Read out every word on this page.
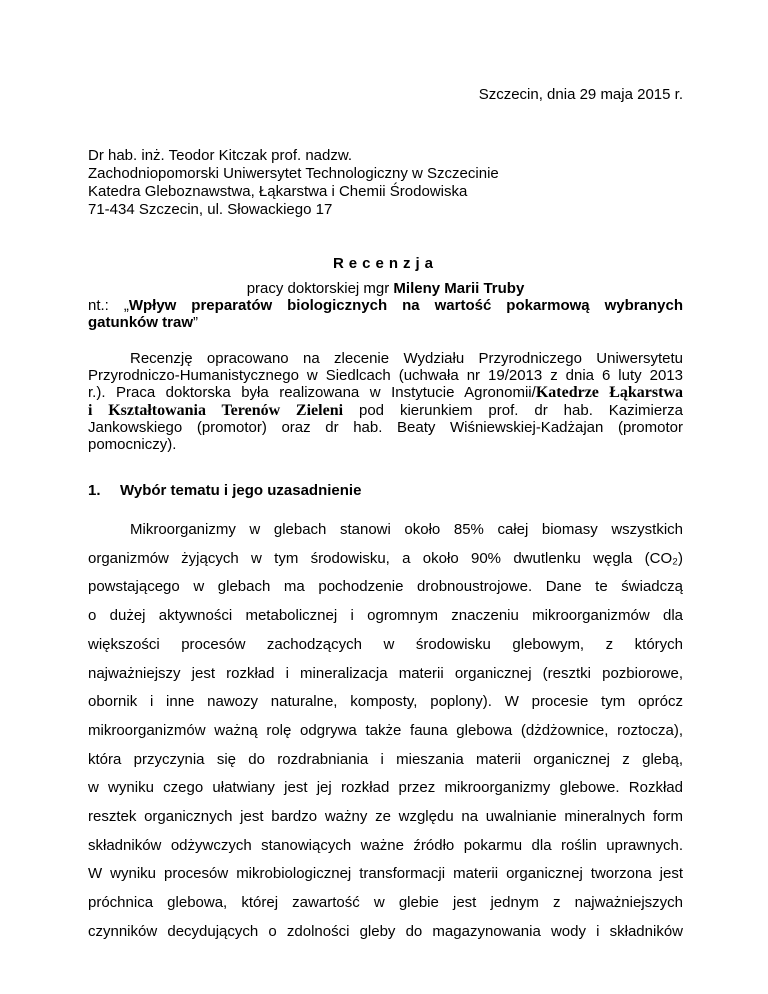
Szczecin, dnia 29 maja 2015 r.
Dr hab. inż. Teodor Kitczak prof. nadzw.
Zachodniopomorski Uniwersytet Technologiczny w Szczecinie
Katedra Gleboznawstwa, Łąkarstwa i Chemii Środowiska
71-434 Szczecin, ul. Słowackiego 17
Recenzja
pracy doktorskiej mgr Mileny Marii Truby
nt.: „Wpływ preparatów biologicznych na wartość pokarmową wybranych
gatunków traw”
Recenzję opracowano na zlecenie Wydziału Przyrodniczego Uniwersytetu
Przyrodniczo-Humanistycznego w Siedlcach (uchwała nr 19/2013 z dnia 6 luty 2013
r.). Praca doktorska była realizowana w Instytucie Agronomii/Katedrze Łąkarstwa
i Kształtowania Terenów Zieleni pod kierunkiem prof. dr hab. Kazimierza
Jankowskiego (promotor) oraz dr hab. Beaty Wiśniewskiej-Kadżajan (promotor
pomocniczy).
1. Wybór tematu i jego uzasadnienie
Mikroorganizmy w glebach stanowi około 85% całej biomasy wszystkich
organizmów żyjących w tym środowisku, a około 90% dwutlenku węgla (CO₂)
powstającego w glebach ma pochodzenie drobnoustrojowe. Dane te świadczą
o dużej aktywności metabolicznej i ogromnym znaczeniu mikroorganizmów dla
większości procesów zachodzących w środowisku glebowym, z których
najważniejszy jest rozkład i mineralizacja materii organicznej (resztki pozbiorowe,
obornik i inne nawozy naturalne, komposty, poplony). W procesie tym oprócz
mikroorganizmów ważną rolę odgrywa także fauna glebowa (dżdżownice, roztocza),
która przyczynia się do rozdrabniania i mieszania materii organicznej z glebą,
w wyniku czego ułatwiany jest jej rozkład przez mikroorganizmy glebowe. Rozkład
resztek organicznych jest bardzo ważny ze względu na uwalnianie mineralnych form
składników odżywczych stanowiących ważne źródło pokarmu dla roślin uprawnych.
W wyniku procesów mikrobiologicznej transformacji materii organicznej tworzona jest
próchnica glebowa, której zawartość w glebie jest jednym z najważniejszych
czynników decydujących o zdolności gleby do magazynowania wody i składników
